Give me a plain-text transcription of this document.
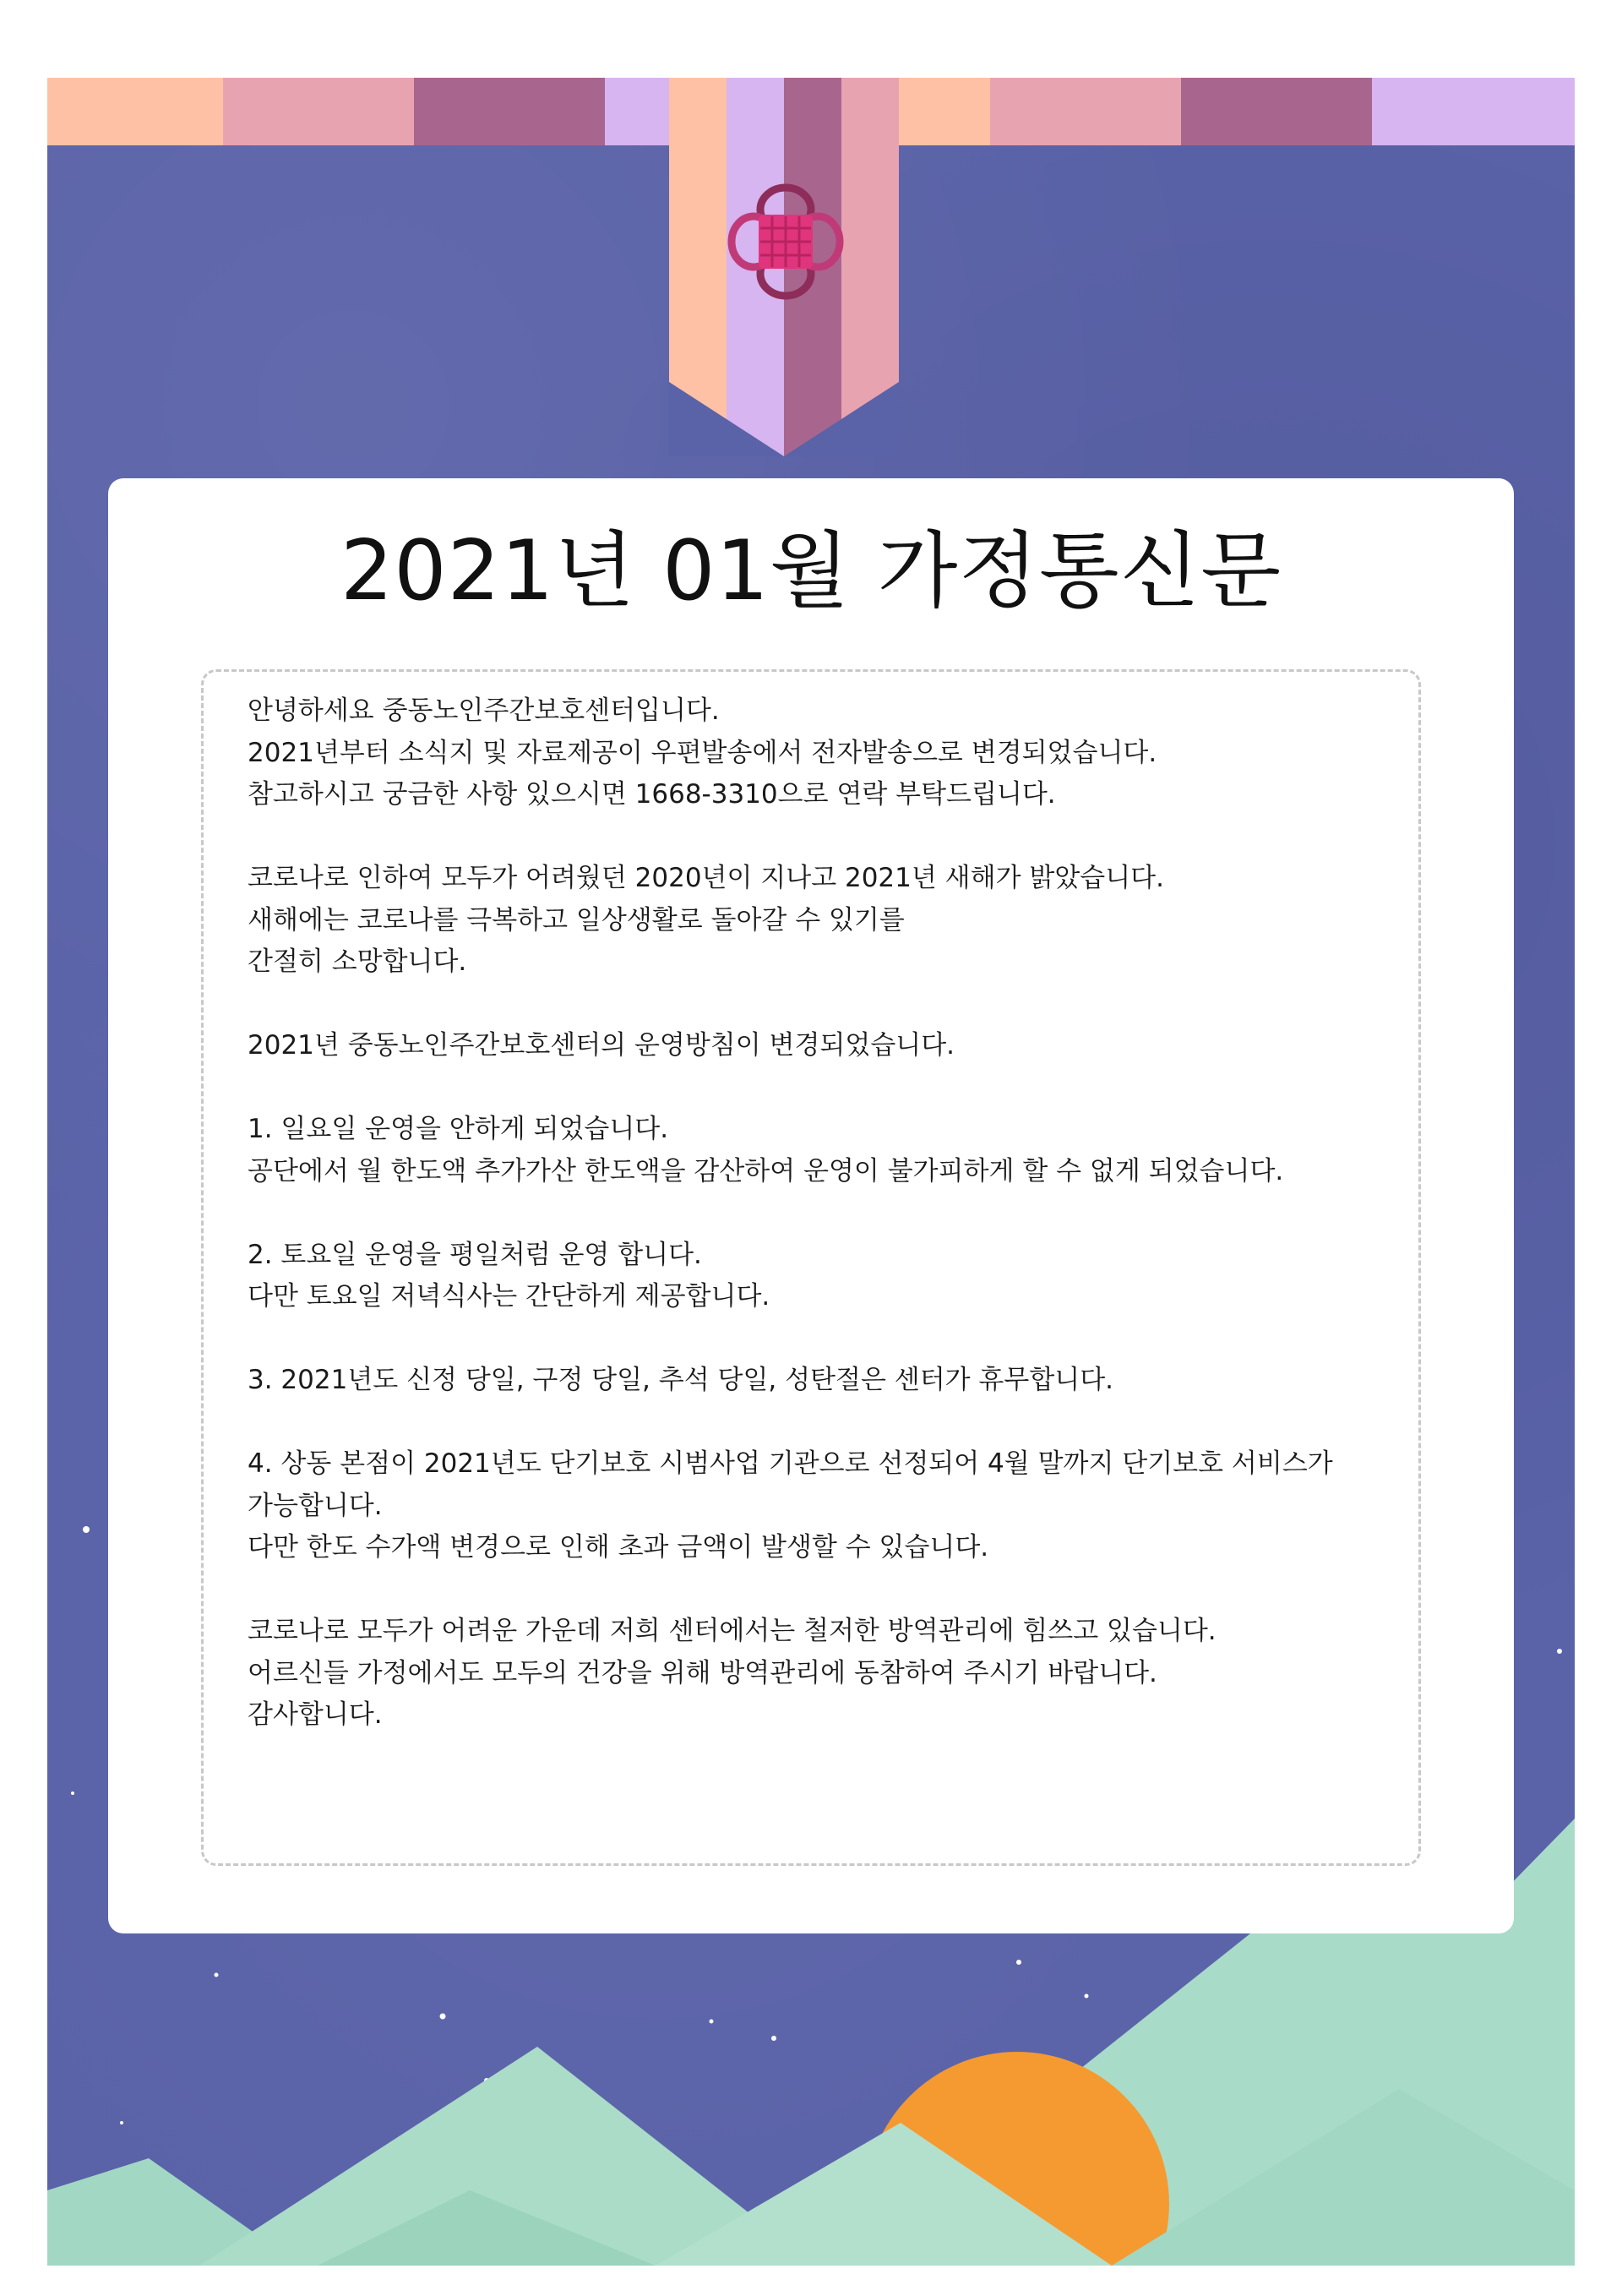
2021년 01월 가정통신문
안녕하세요 중동노인주간보호센터입니다.
2021년부터 소식지 및 자료제공이 우편발송에서 전자발송으로 변경되었습니다.
참고하시고 궁금한 사항 있으시면 1668-3310으로 연락 부탁드립니다.
코로나로 인하여 모두가 어려웠던 2020년이 지나고 2021년 새해가 밝았습니다.
새해에는 코로나를 극복하고 일상생활로 돌아갈 수 있기를
간절히 소망합니다.
2021년 중동노인주간보호센터의 운영방침이 변경되었습니다.
1. 일요일 운영을 안하게 되었습니다.
공단에서 월 한도액 추가가산 한도액을 감산하여 운영이 불가피하게 할 수 없게 되었습니다.
2. 토요일 운영을 평일처럼 운영 합니다.
다만 토요일 저녁식사는 간단하게 제공합니다.
3. 2021년도 신정 당일, 구정 당일, 추석 당일, 성탄절은 센터가 휴무합니다.
4. 상동 본점이 2021년도 단기보호 시범사업 기관으로 선정되어 4월 말까지 단기보호 서비스가
가능합니다.
다만 한도 수가액 변경으로 인해 초과 금액이 발생할 수 있습니다.
코로나로 모두가 어려운 가운데 저희 센터에서는 철저한 방역관리에 힘쓰고 있습니다.
어르신들 가정에서도 모두의 건강을 위해 방역관리에 동참하여 주시기 바랍니다.
감사합니다.
